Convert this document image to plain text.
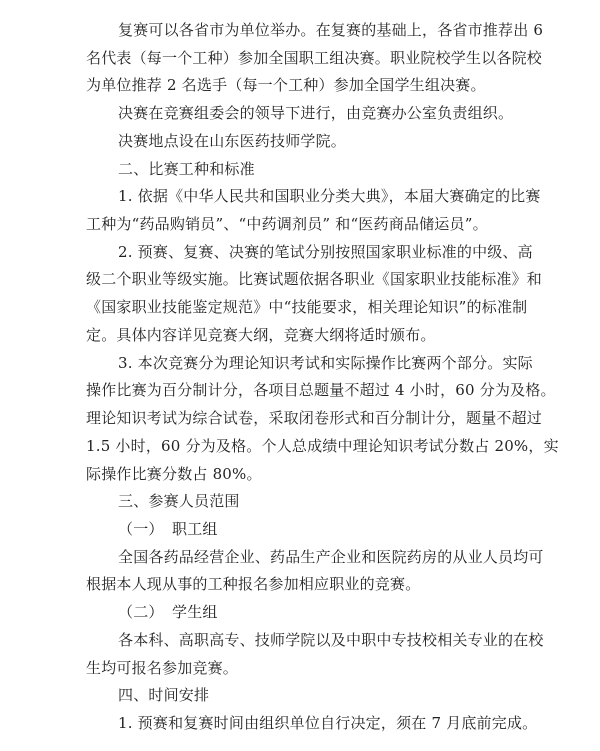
复赛可以各省市为单位举办。在复赛的基础上，各省市推荐出 6
名代表（每一个工种）参加全国职工组决赛。职业院校学生以各院校
为单位推荐 2 名选手（每一个工种）参加全国学生组决赛。
决赛在竞赛组委会的领导下进行，由竞赛办公室负责组织。
决赛地点设在山东医药技师学院。
二、比赛工种和标准
1. 依据《中华人民共和国职业分类大典》，本届大赛确定的比赛
工种为“药品购销员”、“中药调剂员” 和“医药商品储运员”。
2. 预赛、复赛、决赛的笔试分别按照国家职业标准的中级、高
级二个职业等级实施。比赛试题依据各职业《国家职业技能标准》和
《国家职业技能鉴定规范》中“技能要求，相关理论知识”的标准制
定。具体内容详见竞赛大纲，竞赛大纲将适时颁布。
3. 本次竞赛分为理论知识考试和实际操作比赛两个部分。实际
操作比赛为百分制计分，各项目总题量不超过 4 小时，60 分为及格。
理论知识考试为综合试卷，采取闭卷形式和百分制计分，题量不超过
1.5 小时，60 分为及格。个人总成绩中理论知识考试分数占 20%，实
际操作比赛分数占 80%。
三、参赛人员范围
（一） 职工组
全国各药品经营企业、药品生产企业和医院药房的从业人员均可
根据本人现从事的工种报名参加相应职业的竞赛。
（二） 学生组
各本科、高职高专、技师学院以及中职中专技校相关专业的在校
生均可报名参加竞赛。
四、时间安排
1. 预赛和复赛时间由组织单位自行决定，须在 7 月底前完成。
